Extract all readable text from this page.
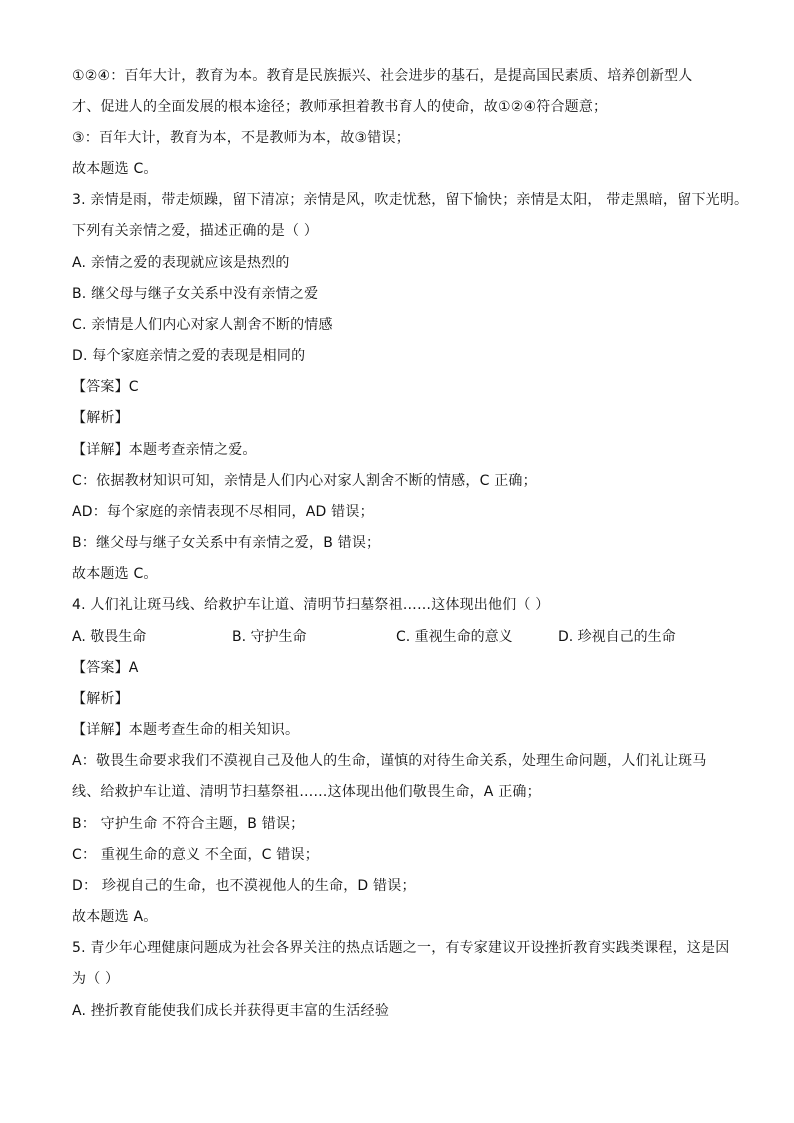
①②④：百年大计，教育为本。教育是民族振兴、社会进步的基石，是提高国民素质、培养创新型人
才、促进人的全面发展的根本途径；教师承担着教书育人的使命，故①②④符合题意；
③：百年大计，教育为本，不是教师为本，故③错误；
故本题选 C。
3. 亲情是雨，带走烦躁，留下清凉；亲情是风，吹走忧愁，留下愉快；亲情是太阳， 带走黑暗，留下光明。
下列有关亲情之爱，描述正确的是（ ）
A. 亲情之爱的表现就应该是热烈的
B. 继父母与继子女关系中没有亲情之爱
C. 亲情是人们内心对家人割舍不断的情感
D. 每个家庭亲情之爱的表现是相同的
【答案】C
【解析】
【详解】本题考查亲情之爱。
C：依据教材知识可知，亲情是人们内心对家人割舍不断的情感，C 正确；
AD：每个家庭的亲情表现不尽相同，AD 错误；
B：继父母与继子女关系中有亲情之爱，B 错误；
故本题选 C。
4. 人们礼让斑马线、给救护车让道、清明节扫墓祭祖……这体现出他们（ ）
A. 敬畏生命	B. 守护生命	C. 重视生命的意义	D. 珍视自己的生命
【答案】A
【解析】
【详解】本题考查生命的相关知识。
A：敬畏生命要求我们不漠视自己及他人的生命，谨慎的对待生命关系，处理生命问题，人们礼让斑马
线、给救护车让道、清明节扫墓祭祖……这体现出他们敬畏生命，A 正确；
B： 守护生命 不符合主题，B 错误；
C： 重视生命的意义 不全面，C 错误；
D： 珍视自己的生命，也不漠视他人的生命，D 错误；
故本题选 A。
5. 青少年心理健康问题成为社会各界关注的热点话题之一，有专家建议开设挫折教育实践类课程，这是因
为（ ）
A. 挫折教育能使我们成长并获得更丰富的生活经验
